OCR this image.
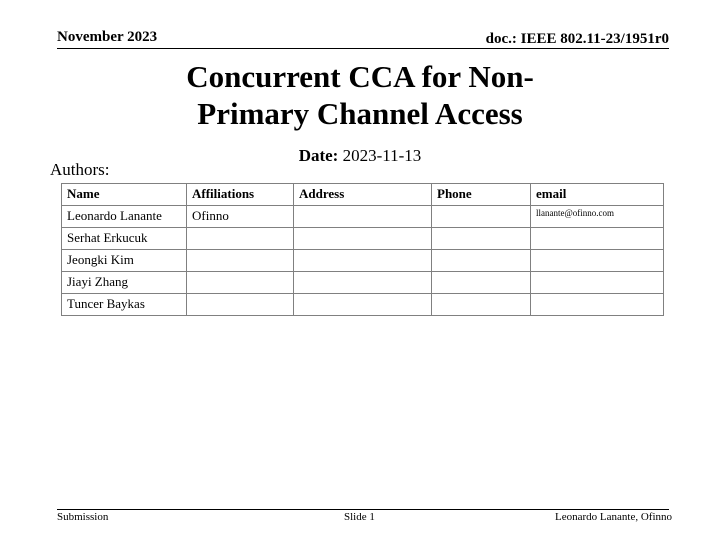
November 2023	doc.: IEEE 802.11-23/1951r0
Concurrent CCA for Non-
Primary Channel Access
Date: 2023-11-13
Authors:
Name	Affiliations	Address	Phone	email
Leonardo Lanante	Ofinno			llanante@ofinno.com
Serhat Erkucuk				
Jeongki Kim				
Jiayi Zhang				
Tuncer Baykas				
Submission	Slide 1	Leonardo Lanante, Ofinno
